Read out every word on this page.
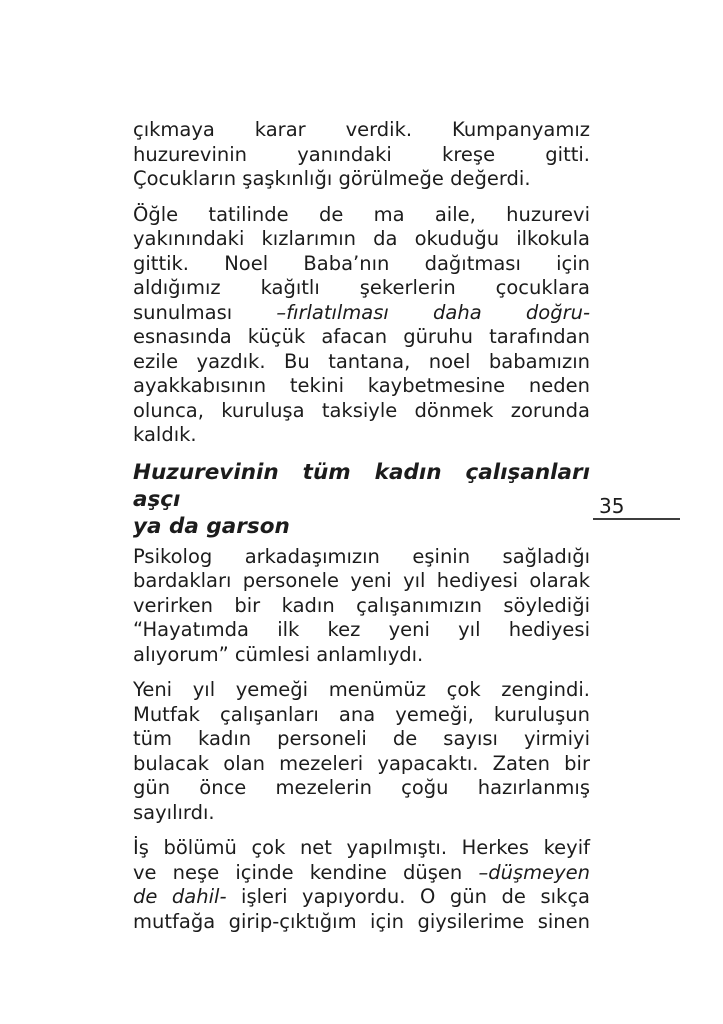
35
çıkmaya karar verdik. Kumpanyamız
huzurevinin yanındaki kreşe gitti.
Çocukların şaşkınlığı görülmeğe değerdi.
Öğle tatilinde de ma aile, huzurevi
yakınındaki kızlarımın da okuduğu ilkokula
gittik. Noel Baba’nın dağıtması için
aldığımız kağıtlı şekerlerin çocuklara
sunulması –fırlatılması daha doğru-
esnasında küçük afacan güruhu tarafından
ezile yazdık. Bu tantana, noel babamızın
ayakkabısının tekini kaybetmesine neden
olunca, kuruluşa taksiyle dönmek zorunda
kaldık.
Huzurevinin tüm kadın çalışanları aşçı
ya da garson
Psikolog arkadaşımızın eşinin sağladığı
bardakları personele yeni yıl hediyesi olarak
verirken bir kadın çalışanımızın söylediği
“Hayatımda ilk kez yeni yıl hediyesi
alıyorum” cümlesi anlamlıydı.
Yeni yıl yemeği menümüz çok zengindi.
Mutfak çalışanları ana yemeği, kuruluşun
tüm kadın personeli de sayısı yirmiyi
bulacak olan mezeleri yapacaktı. Zaten bir
gün önce mezelerin çoğu hazırlanmış
sayılırdı.
İş bölümü çok net yapılmıştı. Herkes keyif
ve neşe içinde kendine düşen –düşmeyen
de dahil- işleri yapıyordu. O gün de sıkça
mutfağa girip-çıktığım için giysilerime sinen
